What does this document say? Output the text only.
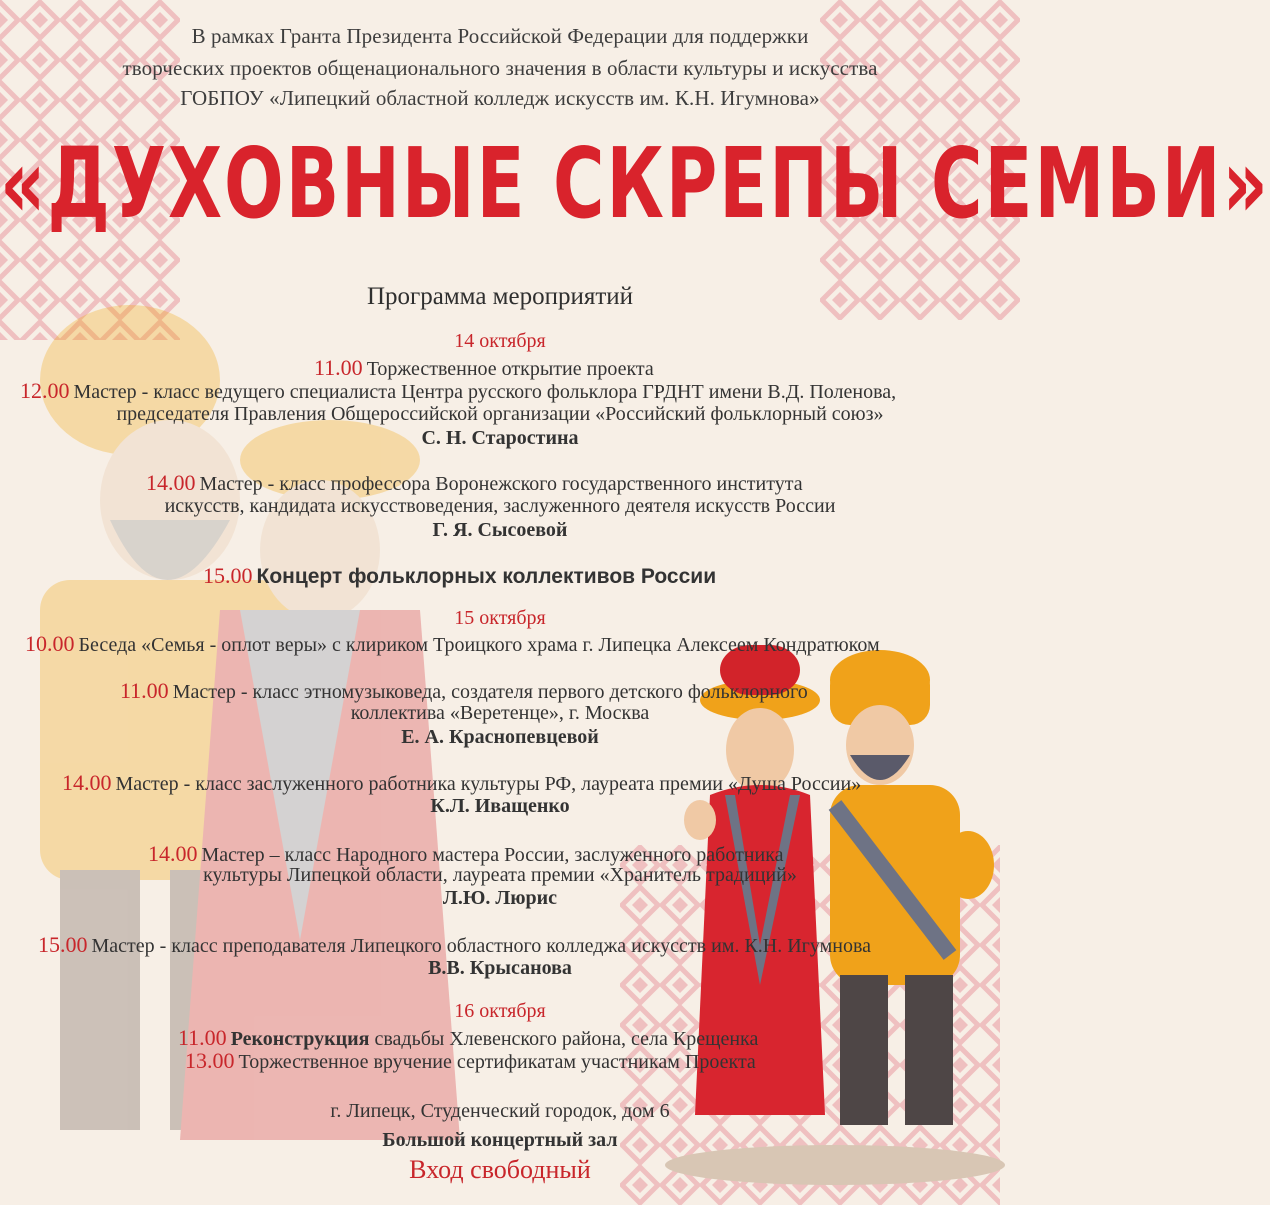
В рамках Гранта Президента Российской Федерации для поддержки
творческих проектов общенационального значения в области культуры и искусства
ГОБПОУ «Липецкий областной колледж искусств им. К.Н. Игумнова»
«ДУХОВНЫЕ СКРЕПЫ СЕМЬИ»
Программа мероприятий
14 октября
11.00 Торжественное открытие проекта
12.00 Мастер - класс ведущего специалиста Центра русского фольклора ГРДНТ имени В.Д. Поленова,
председателя Правления Общероссийской организации «Российский фольклорный союз»
С. Н. Старостина
14.00 Мастер - класс профессора Воронежского государственного института
искусств, кандидата искусствоведения, заслуженного деятеля искусств России
Г. Я. Сысоевой
15.00 Концерт фольклорных коллективов России
15 октября
10.00 Беседа «Семья - оплот веры» с клириком Троицкого храма г. Липецка Алексеем Кондратюком
11.00 Мастер - класс этномузыковеда, создателя первого детского фольклорного
коллектива «Веретенце», г. Москва
Е. А. Краснопевцевой
14.00 Мастер - класс заслуженного работника культуры РФ, лауреата премии «Душа России»
К.Л. Иващенко
14.00 Мастер – класс Народного мастера России, заслуженного работника
культуры Липецкой области, лауреата премии «Хранитель традиций»
Л.Ю. Люрис
15.00 Мастер - класс преподавателя Липецкого областного колледжа искусств им. К.Н. Игумнова
В.В. Крысанова
16 октября
11.00 Реконструкция свадьбы Хлевенского района, села Крещенка
13.00 Торжественное вручение сертификатам участникам Проекта
г. Липецк, Студенческий городок, дом 6
Большой концертный зал
Вход свободный
